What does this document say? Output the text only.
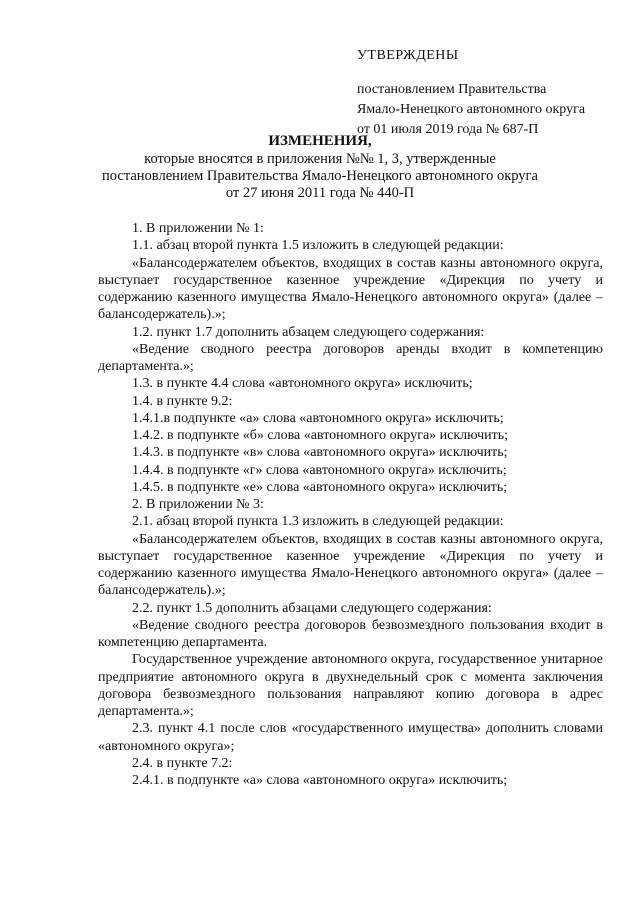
УТВЕРЖДЕНЫ
постановлением Правительства
Ямало-Ненецкого автономного округа
от 01 июля 2019 года № 687-П
ИЗМЕНЕНИЯ,
которые вносятся в приложения №№ 1, 3, утвержденные
постановлением Правительства Ямало-Ненецкого автономного округа
от 27 июня 2011 года № 440-П

1. В приложении № 1:

1.1. абзац второй пункта 1.5 изложить в следующей редакции:

«Балансодержателем объектов, входящих в состав казны автономного округа, выступает государственное казенное учреждение «Дирекция по учету и содержанию казенного имущества Ямало-Ненецкого автономного округа» (далее – балансодержатель).»;

1.2. пункт 1.7 дополнить абзацем следующего содержания:

«Ведение сводного реестра договоров аренды входит в компетенцию департамента.»;

1.3. в пункте 4.4 слова «автономного округа» исключить;

1.4. в пункте 9.2:

1.4.1.в подпункте «а» слова «автономного округа» исключить;

1.4.2. в подпункте «б» слова «автономного округа» исключить;

1.4.3. в подпункте «в» слова «автономного округа» исключить;

1.4.4. в подпункте «г» слова «автономного округа» исключить;

1.4.5. в подпункте «е» слова «автономного округа» исключить;

2. В приложении № 3:

2.1. абзац второй пункта 1.3 изложить в следующей редакции:

«Балансодержателем объектов, входящих в состав казны автономного округа, выступает государственное казенное учреждение «Дирекция по учету и содержанию казенного имущества Ямало-Ненецкого автономного округа» (далее – балансодержатель).»;

2.2. пункт 1.5 дополнить абзацами следующего содержания:

«Ведение сводного реестра договоров безвозмездного пользования входит в компетенцию департамента.

Государственное учреждение автономного округа, государственное унитарное предприятие автономного округа в двухнедельный срок с момента заключения договора безвозмездного пользования направляют копию договора в адрес департамента.»;

2.3. пункт 4.1 после слов «государственного имущества» дополнить словами «автономного округа»;

2.4. в пункте 7.2:

2.4.1. в подпункте «а» слова «автономного округа» исключить;
